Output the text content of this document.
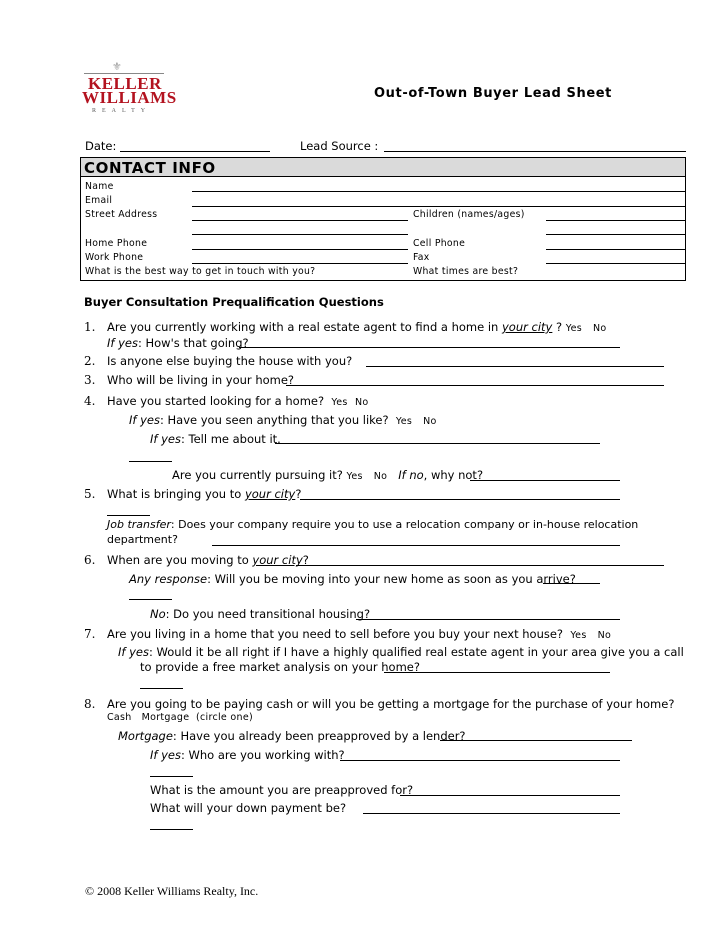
⚜
KELLER
WILLIAMS
REALTY
Out-of-Town Buyer Lead Sheet
Date:	Lead Source :
CONTACT INFO
Name
Email
Street Address	Children (names/ages)
Home Phone	Cell Phone
Work Phone	Fax
What is the best way to get in touch with you?	What times are best?
Buyer Consultation Prequalification Questions
1. Are you currently working with a real estate agent to find a home in your city ? Yes No
If yes: How's that going?
2. Is anyone else buying the house with you?
3. Who will be living in your home?
4. Have you started looking for a home? Yes No
If yes: Have you seen anything that you like? Yes No
If yes: Tell me about it.
Are you currently pursuing it? Yes No If no, why not?
5. What is bringing you to your city?
Job transfer: Does your company require you to use a relocation company or in-house relocation
department?
6. When are you moving to your city?
Any response: Will you be moving into your new home as soon as you arrive?
No: Do you need transitional housing?
7. Are you living in a home that you need to sell before you buy your next house? Yes No
If yes: Would it be all right if I have a highly qualified real estate agent in your area give you a call
to provide a free market analysis on your home?
8. Are you going to be paying cash or will you be getting a mortgage for the purchase of your home?
Cash   Mortgage  (circle one)
Mortgage: Have you already been preapproved by a lender?
If yes: Who are you working with?
What is the amount you are preapproved for?
What will your down payment be?
© 2008 Keller Williams Realty, Inc.
